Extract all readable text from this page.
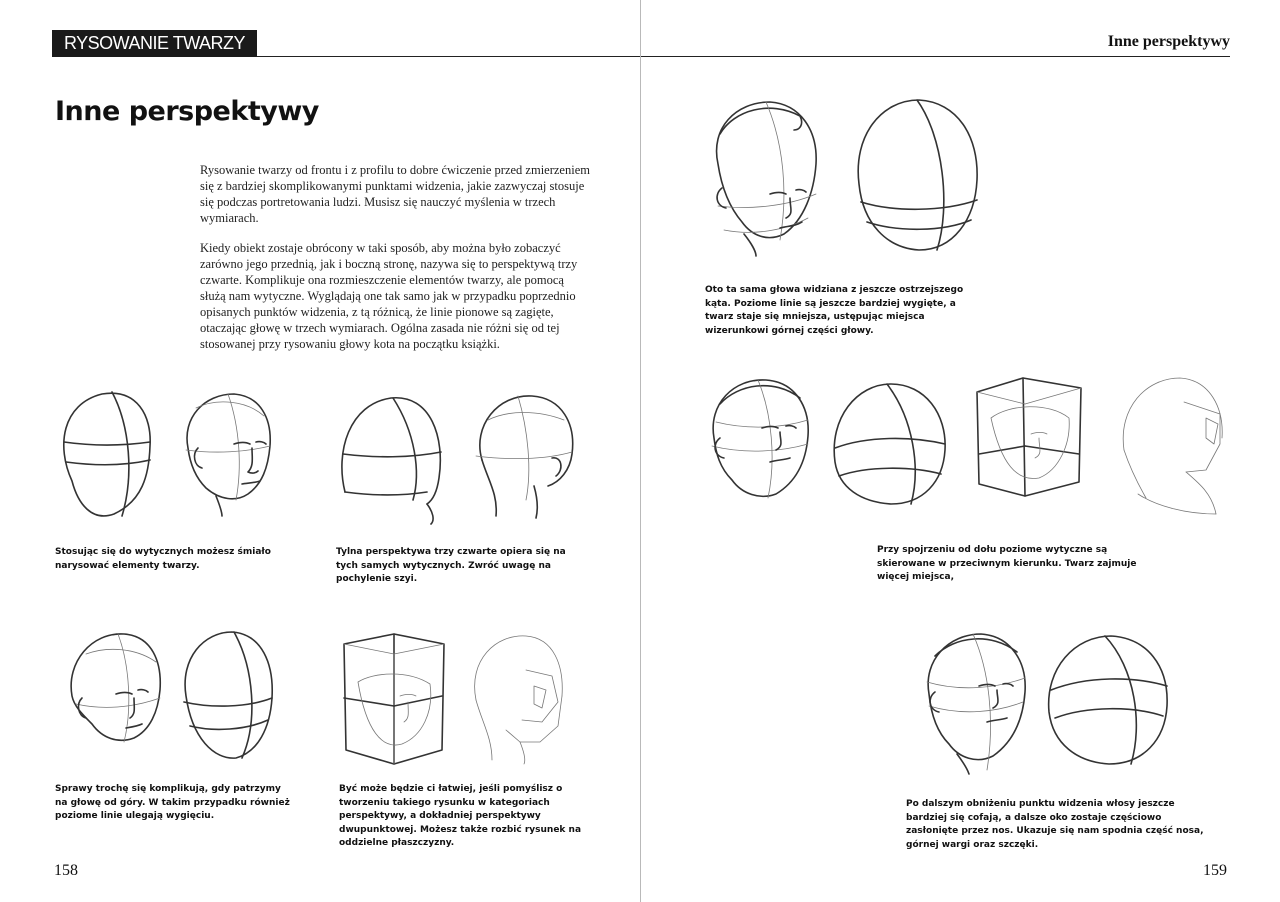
RYSOWANIE TWARZY
Inne perspektywy

Rysowanie twarzy od frontu i z profilu to dobre ćwiczenie przed zmierzeniem się z bardziej skomplikowanymi punktami widzenia, jakie zazwyczaj stosuje się podczas portretowania ludzi. Musisz się nauczyć myślenia w trzech wymiarach.

Kiedy obiekt zostaje obrócony w taki sposób, aby można było zobaczyć zarówno jego przednią, jak i boczną stronę, nazywa się to perspektywą trzy czwarte. Komplikuje ona rozmieszczenie elementów twarzy, ale pomocą służą nam wytyczne. Wyglądają one tak samo jak w przypadku poprzednio opisanych punktów widzenia, z tą różnicą, że linie pionowe są zagięte, otaczając głowę w trzech wymiarach. Ogólna zasada nie różni się od tej stosowanej przy rysowaniu głowy kota na początku książki.

Stosując się do wytycznych możesz śmiało narysować elementy twarzy.
Tylna perspektywa trzy czwarte opiera się na tych samych wytycznych. Zwróć uwagę na pochylenie szyi.
Sprawy trochę się komplikują, gdy patrzymy na głowę od góry. W takim przypadku również poziome linie ulegają wygięciu.
Być może będzie ci łatwiej, jeśli pomyślisz o tworzeniu takiego rysunku w kategoriach perspektywy, a dokładniej perspektywy dwupunktowej. Możesz także rozbić rysunek na oddzielne płaszczyzny.
158
Inne perspektywy
Oto ta sama głowa widziana z jeszcze ostrzejszego kąta. Poziome linie są jeszcze bardziej wygięte, a twarz staje się mniejsza, ustępując miejsca wizerunkowi górnej części głowy.
Przy spojrzeniu od dołu poziome wytyczne są skierowane w przeciwnym kierunku. Twarz zajmuje więcej miejsca,
Po dalszym obniżeniu punktu widzenia włosy jeszcze bardziej się cofają, a dalsze oko zostaje częściowo zasłonięte przez nos. Ukazuje się nam spodnia część nosa, górnej wargi oraz szczęki.
159
